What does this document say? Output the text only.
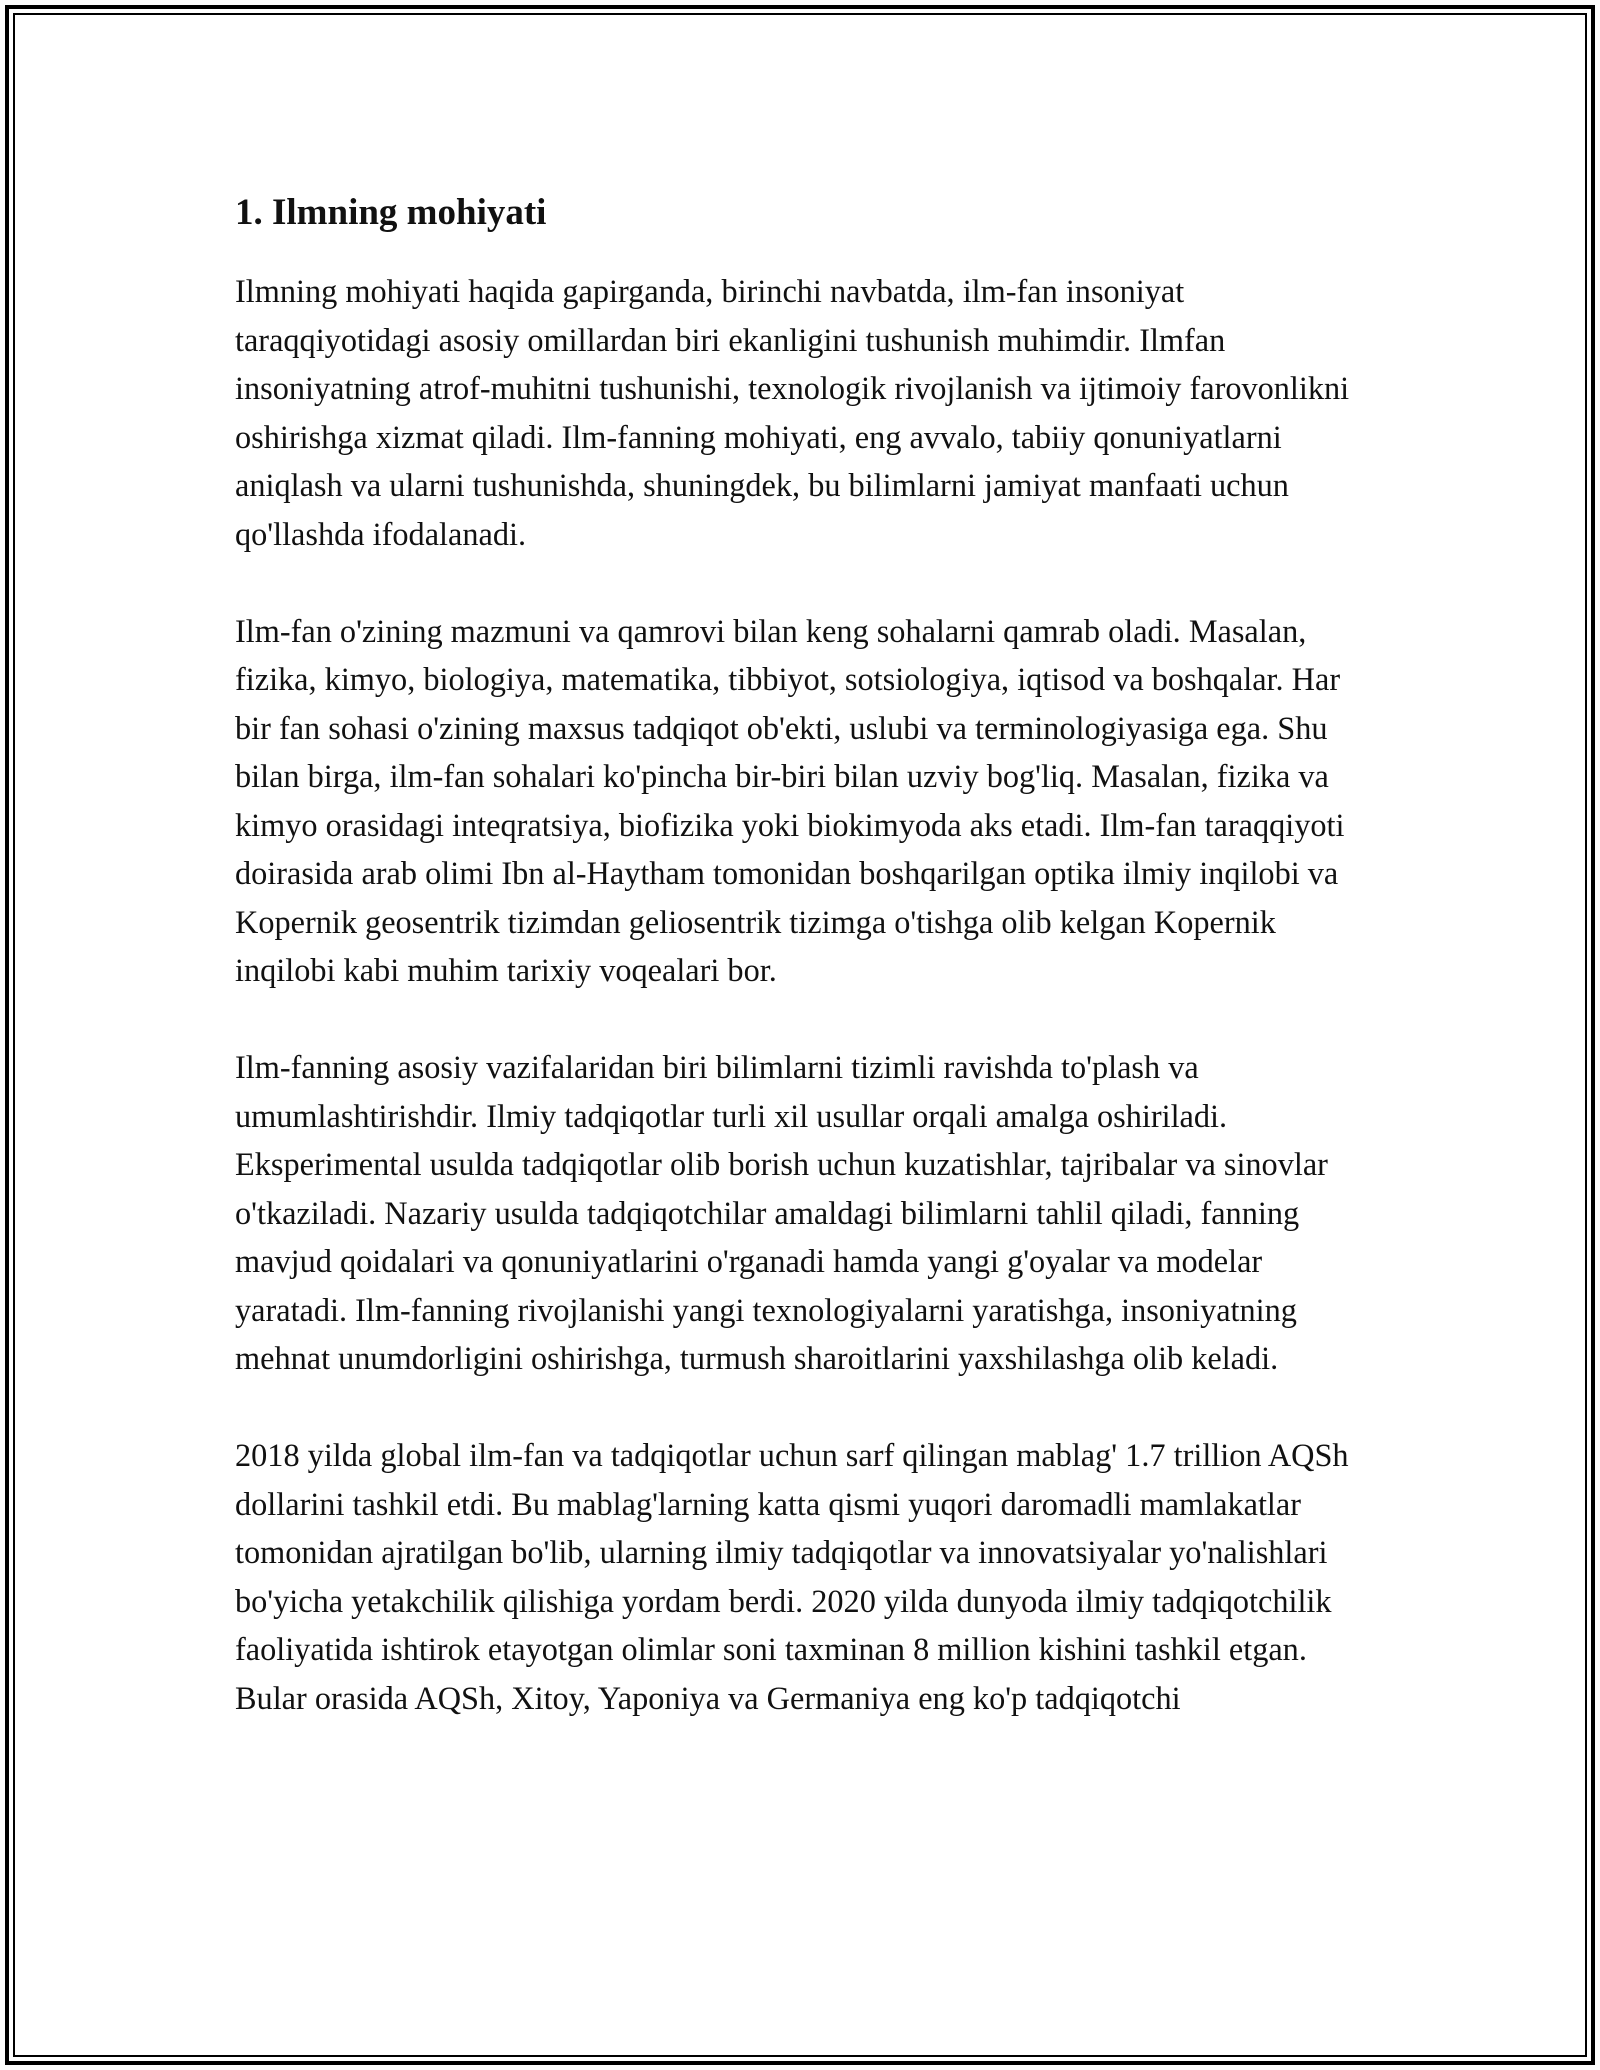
1. Ilmning mohiyati

Ilmning mohiyati haqida gapirganda, birinchi navbatda, ilm-fan insoniyat taraqqiyotidagi asosiy omillardan biri ekanligini tushunish muhimdir. Ilmfan insoniyatning atrof-muhitni tushunishi, texnologik rivojlanish va ijtimoiy farovonlikni oshirishga xizmat qiladi. Ilm-fanning mohiyati, eng avvalo, tabiiy qonuniyatlarni aniqlash va ularni tushunishda, shuningdek, bu bilimlarni jamiyat manfaati uchun qo'llashda ifodalanadi.

Ilm-fan o'zining mazmuni va qamrovi bilan keng sohalarni qamrab oladi. Masalan, fizika, kimyo, biologiya, matematika, tibbiyot, sotsiologiya, iqtisod va boshqalar. Har bir fan sohasi o'zining maxsus tadqiqot ob'ekti, uslubi va terminologiyasiga ega. Shu bilan birga, ilm-fan sohalari ko'pincha bir-biri bilan uzviy bog'liq. Masalan, fizika va kimyo orasidagi inteqratsiya, biofizika yoki biokimyoda aks etadi. Ilm-fan taraqqiyoti doirasida arab olimi Ibn al-Haytham tomonidan boshqarilgan optika ilmiy inqilobi va Kopernik geosentrik tizimdan geliosentrik tizimga o'tishga olib kelgan Kopernik inqilobi kabi muhim tarixiy voqealari bor.

Ilm-fanning asosiy vazifalaridan biri bilimlarni tizimli ravishda to'plash va umumlashtirishdir. Ilmiy tadqiqotlar turli xil usullar orqali amalga oshiriladi. Eksperimental usulda tadqiqotlar olib borish uchun kuzatishlar, tajribalar va sinovlar o'tkaziladi. Nazariy usulda tadqiqotchilar amaldagi bilimlarni tahlil qiladi, fanning mavjud qoidalari va qonuniyatlarini o'rganadi hamda yangi g'oyalar va modelar yaratadi. Ilm-fanning rivojlanishi yangi texnologiyalarni yaratishga, insoniyatning mehnat unumdorligini oshirishga, turmush sharoitlarini yaxshilashga olib keladi.

2018 yilda global ilm-fan va tadqiqotlar uchun sarf qilingan mablag' 1.7 trillion AQSh dollarini tashkil etdi. Bu mablag'larning katta qismi yuqori daromadli mamlakatlar tomonidan ajratilgan bo'lib, ularning ilmiy tadqiqotlar va innovatsiyalar yo'nalishlari bo'yicha yetakchilik qilishiga yordam berdi. 2020 yilda dunyoda ilmiy tadqiqotchilik faoliyatida ishtirok etayotgan olimlar soni taxminan 8 million kishini tashkil etgan. Bular orasida AQSh, Xitoy, Yaponiya va Germaniya eng ko'p tadqiqotchi
